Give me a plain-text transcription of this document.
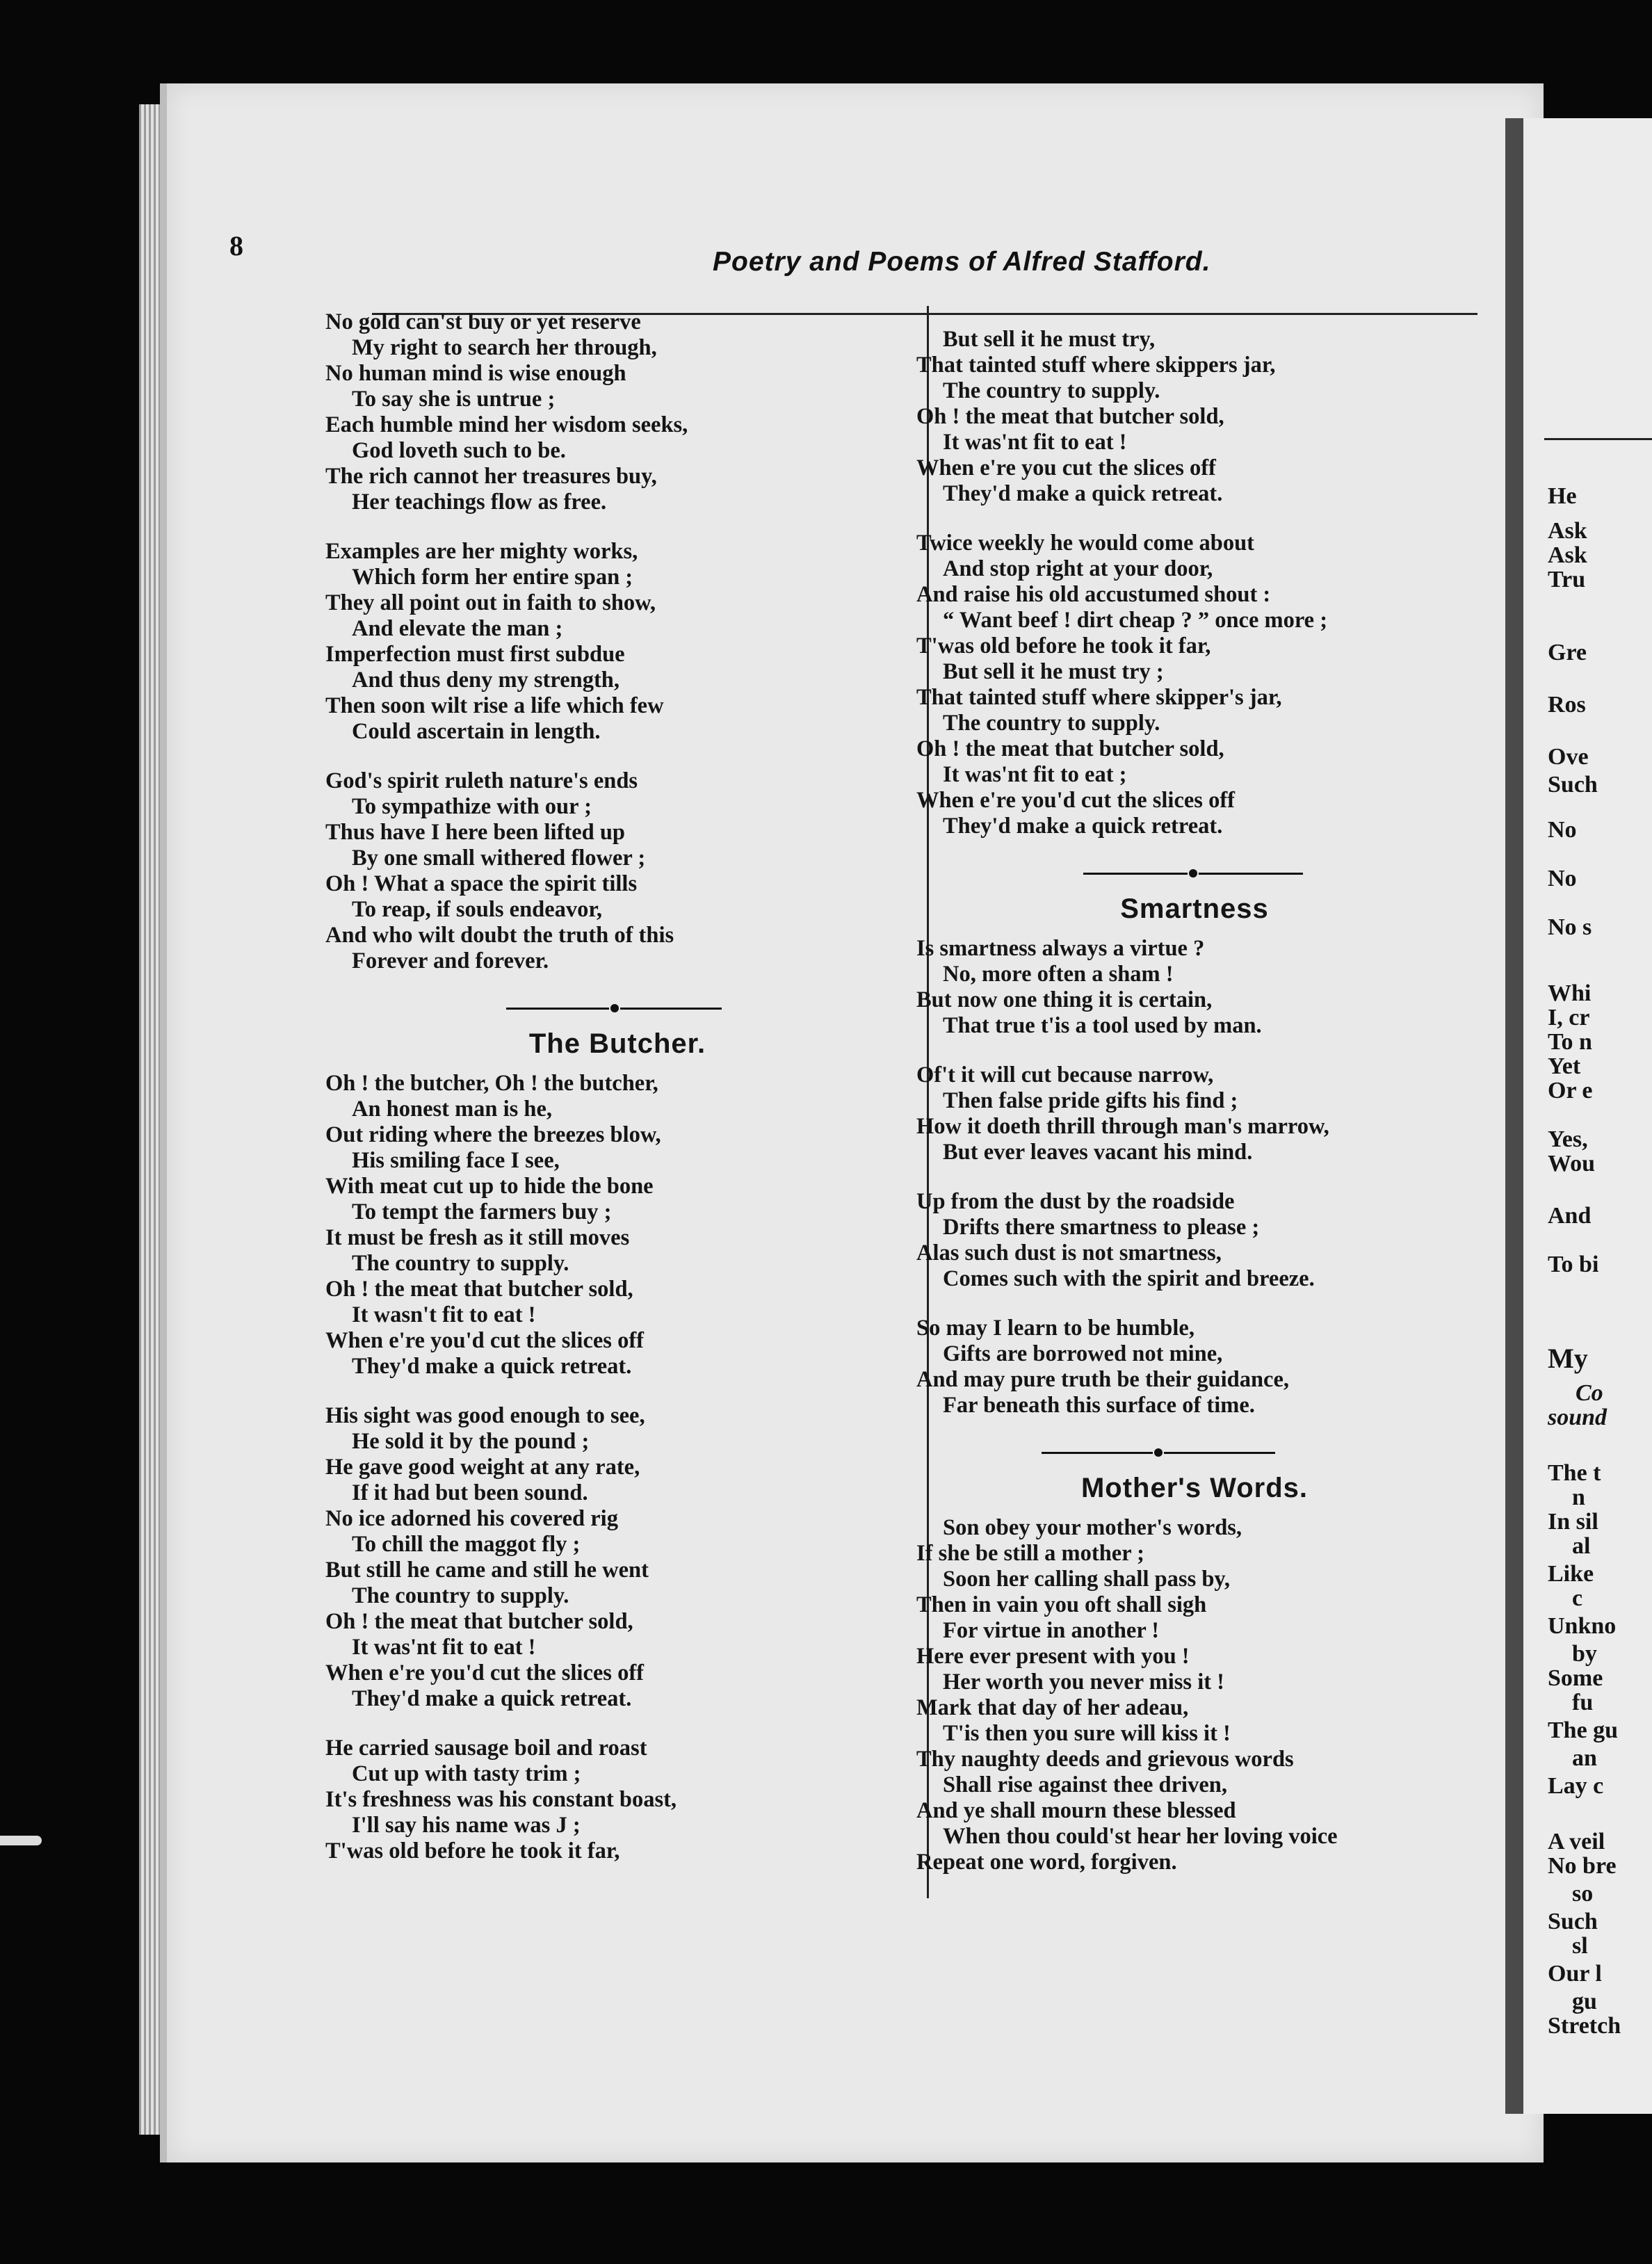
8
Poetry and Poems of Alfred Stafford.
No gold can'st buy or yet reserve
My right to search her through,
No human mind is wise enough
To say she is untrue ;
Each humble mind her wisdom seeks,
God loveth such to be.
The rich cannot her treasures buy,
Her teachings flow as free.
Examples are her mighty works,
Which form her entire span ;
They all point out in faith to show,
And elevate the man ;
Imperfection must first subdue
And thus deny my strength,
Then soon wilt rise a life which few
Could ascertain in length.
God's spirit ruleth nature's ends
To sympathize with our ;
Thus have I here been lifted up
By one small withered flower ;
Oh ! What a space the spirit tills
To reap, if souls endeavor,
And who wilt doubt the truth of this
Forever and forever.
The Butcher.
Oh ! the butcher, Oh ! the butcher,
An honest man is he,
Out riding where the breezes blow,
His smiling face I see,
With meat cut up to hide the bone
To tempt the farmers buy ;
It must be fresh as it still moves
The country to supply.
Oh ! the meat that butcher sold,
It wasn't fit to eat !
When e're you'd cut the slices off
They'd make a quick retreat.
His sight was good enough to see,
He sold it by the pound ;
He gave good weight at any rate,
If it had but been sound.
No ice adorned his covered rig
To chill the maggot fly ;
But still he came and still he went
The country to supply.
Oh ! the meat that butcher sold,
It was'nt fit to eat !
When e're you'd cut the slices off
They'd make a quick retreat.
He carried sausage boil and roast
Cut up with tasty trim ;
It's freshness was his constant boast,
I'll say his name was J ;
T'was old before he took it far,
But sell it he must try,
That tainted stuff where skippers jar,
The country to supply.
Oh ! the meat that butcher sold,
It was'nt fit to eat !
When e're you cut the slices off
They'd make a quick retreat.
Twice weekly he would come about
And stop right at your door,
And raise his old accustumed shout :
“ Want beef ! dirt cheap ? ” once more ;
T'was old before he took it far,
But sell it he must try ;
That tainted stuff where skipper's jar,
The country to supply.
Oh ! the meat that butcher sold,
It was'nt fit to eat ;
When e're you'd cut the slices off
They'd make a quick retreat.
Smartness
Is smartness always a virtue ?
No, more often a sham !
But now one thing it is certain,
That true t'is a tool used by man.
Of't it will cut because narrow,
Then false pride gifts his find ;
How it doeth thrill through man's marrow,
But ever leaves vacant his mind.
Up from the dust by the roadside
Drifts there smartness to please ;
Alas such dust is not smartness,
Comes such with the spirit and breeze.
So may I learn to be humble,
Gifts are borrowed not mine,
And may pure truth be their guidance,
Far beneath this surface of time.
Mother's Words.
Son obey your mother's words,
If she be still a mother ;
Soon her calling shall pass by,
Then in vain you oft shall sigh
For virtue in another !
Here ever present with you !
Her worth you never miss it !
Mark that day of her adeau,
T'is then you sure will kiss it !
Thy naughty deeds and grievous words
Shall rise against thee driven,
And ye shall mourn these blessed
When thou could'st hear her loving voice
Repeat one word, forgiven.
He
Ask
Ask
Tru
Gre
Ros
Ove
Such
No
No
No s
Whi
I, cr
To n
Yet
Or e
Yes,
Wou
And
To bi
My
Co
sound
The t
n
In sil
al
Like
c
Unkno
by
Some
fu
The gu
an
Lay c
A veil
No bre
so
Such
sl
Our l
gu
Stretch
